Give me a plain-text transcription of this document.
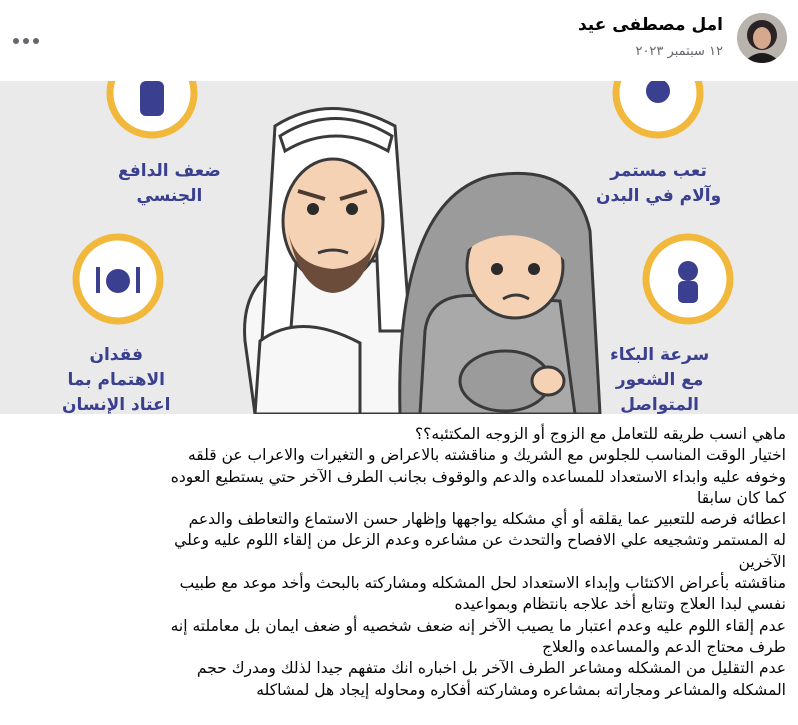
امل مصطفى عيد
١٢ سبتمبر ٢٠٢٣
ضعف الدافع
الجنسي
فقدان
الاهتمام بما
اعتاد الإنسان
تعب مستمر
وآلام في البدن
سرعة البكاء
مع الشعور
المتواصل

ماهي انسب طريقه للتعامل مع الزوج أو الزوجه المكتئبه؟؟

اختيار الوقت المناسب للجلوس مع الشريك و مناقشته بالاعراض و التغيرات والاعراب عن قلقه

وخوفه عليه وابداء الاستعداد للمساعده والدعم والوقوف بجانب الطرف الآخر حتي يستطيع العوده

كما كان سابقا

اعطائه فرصه للتعبير عما يقلقه أو أي مشكله يواجهها وإظهار حسن الاستماع والتعاطف والدعم

له المستمر وتشجيعه علي الافصاح والتحدث عن مشاعره وعدم الزعل من إلقاء اللوم عليه وعلي

الآخرين

مناقشته بأعراض الاكتئاب وإبداء الاستعداد لحل المشكله ومشاركته بالبحث وأخد موعد مع طبيب

نفسي لبدا العلاج وتتابع أخد علاجه بانتظام وبمواعيده

عدم إلقاء اللوم عليه وعدم اعتبار ما يصيب الآخر إنه ضعف شخصيه أو ضعف ايمان بل معاملته إنه

طرف محتاج الدعم والمساعده والعلاج

عدم التقليل من المشكله ومشاعر الطرف الآخر بل اخباره انك متفهم جيدا لذلك ومدرك حجم

المشكله والمشاعر ومجاراته بمشاعره ومشاركته أفكاره ومحاوله إيجاد هل لمشاكله
